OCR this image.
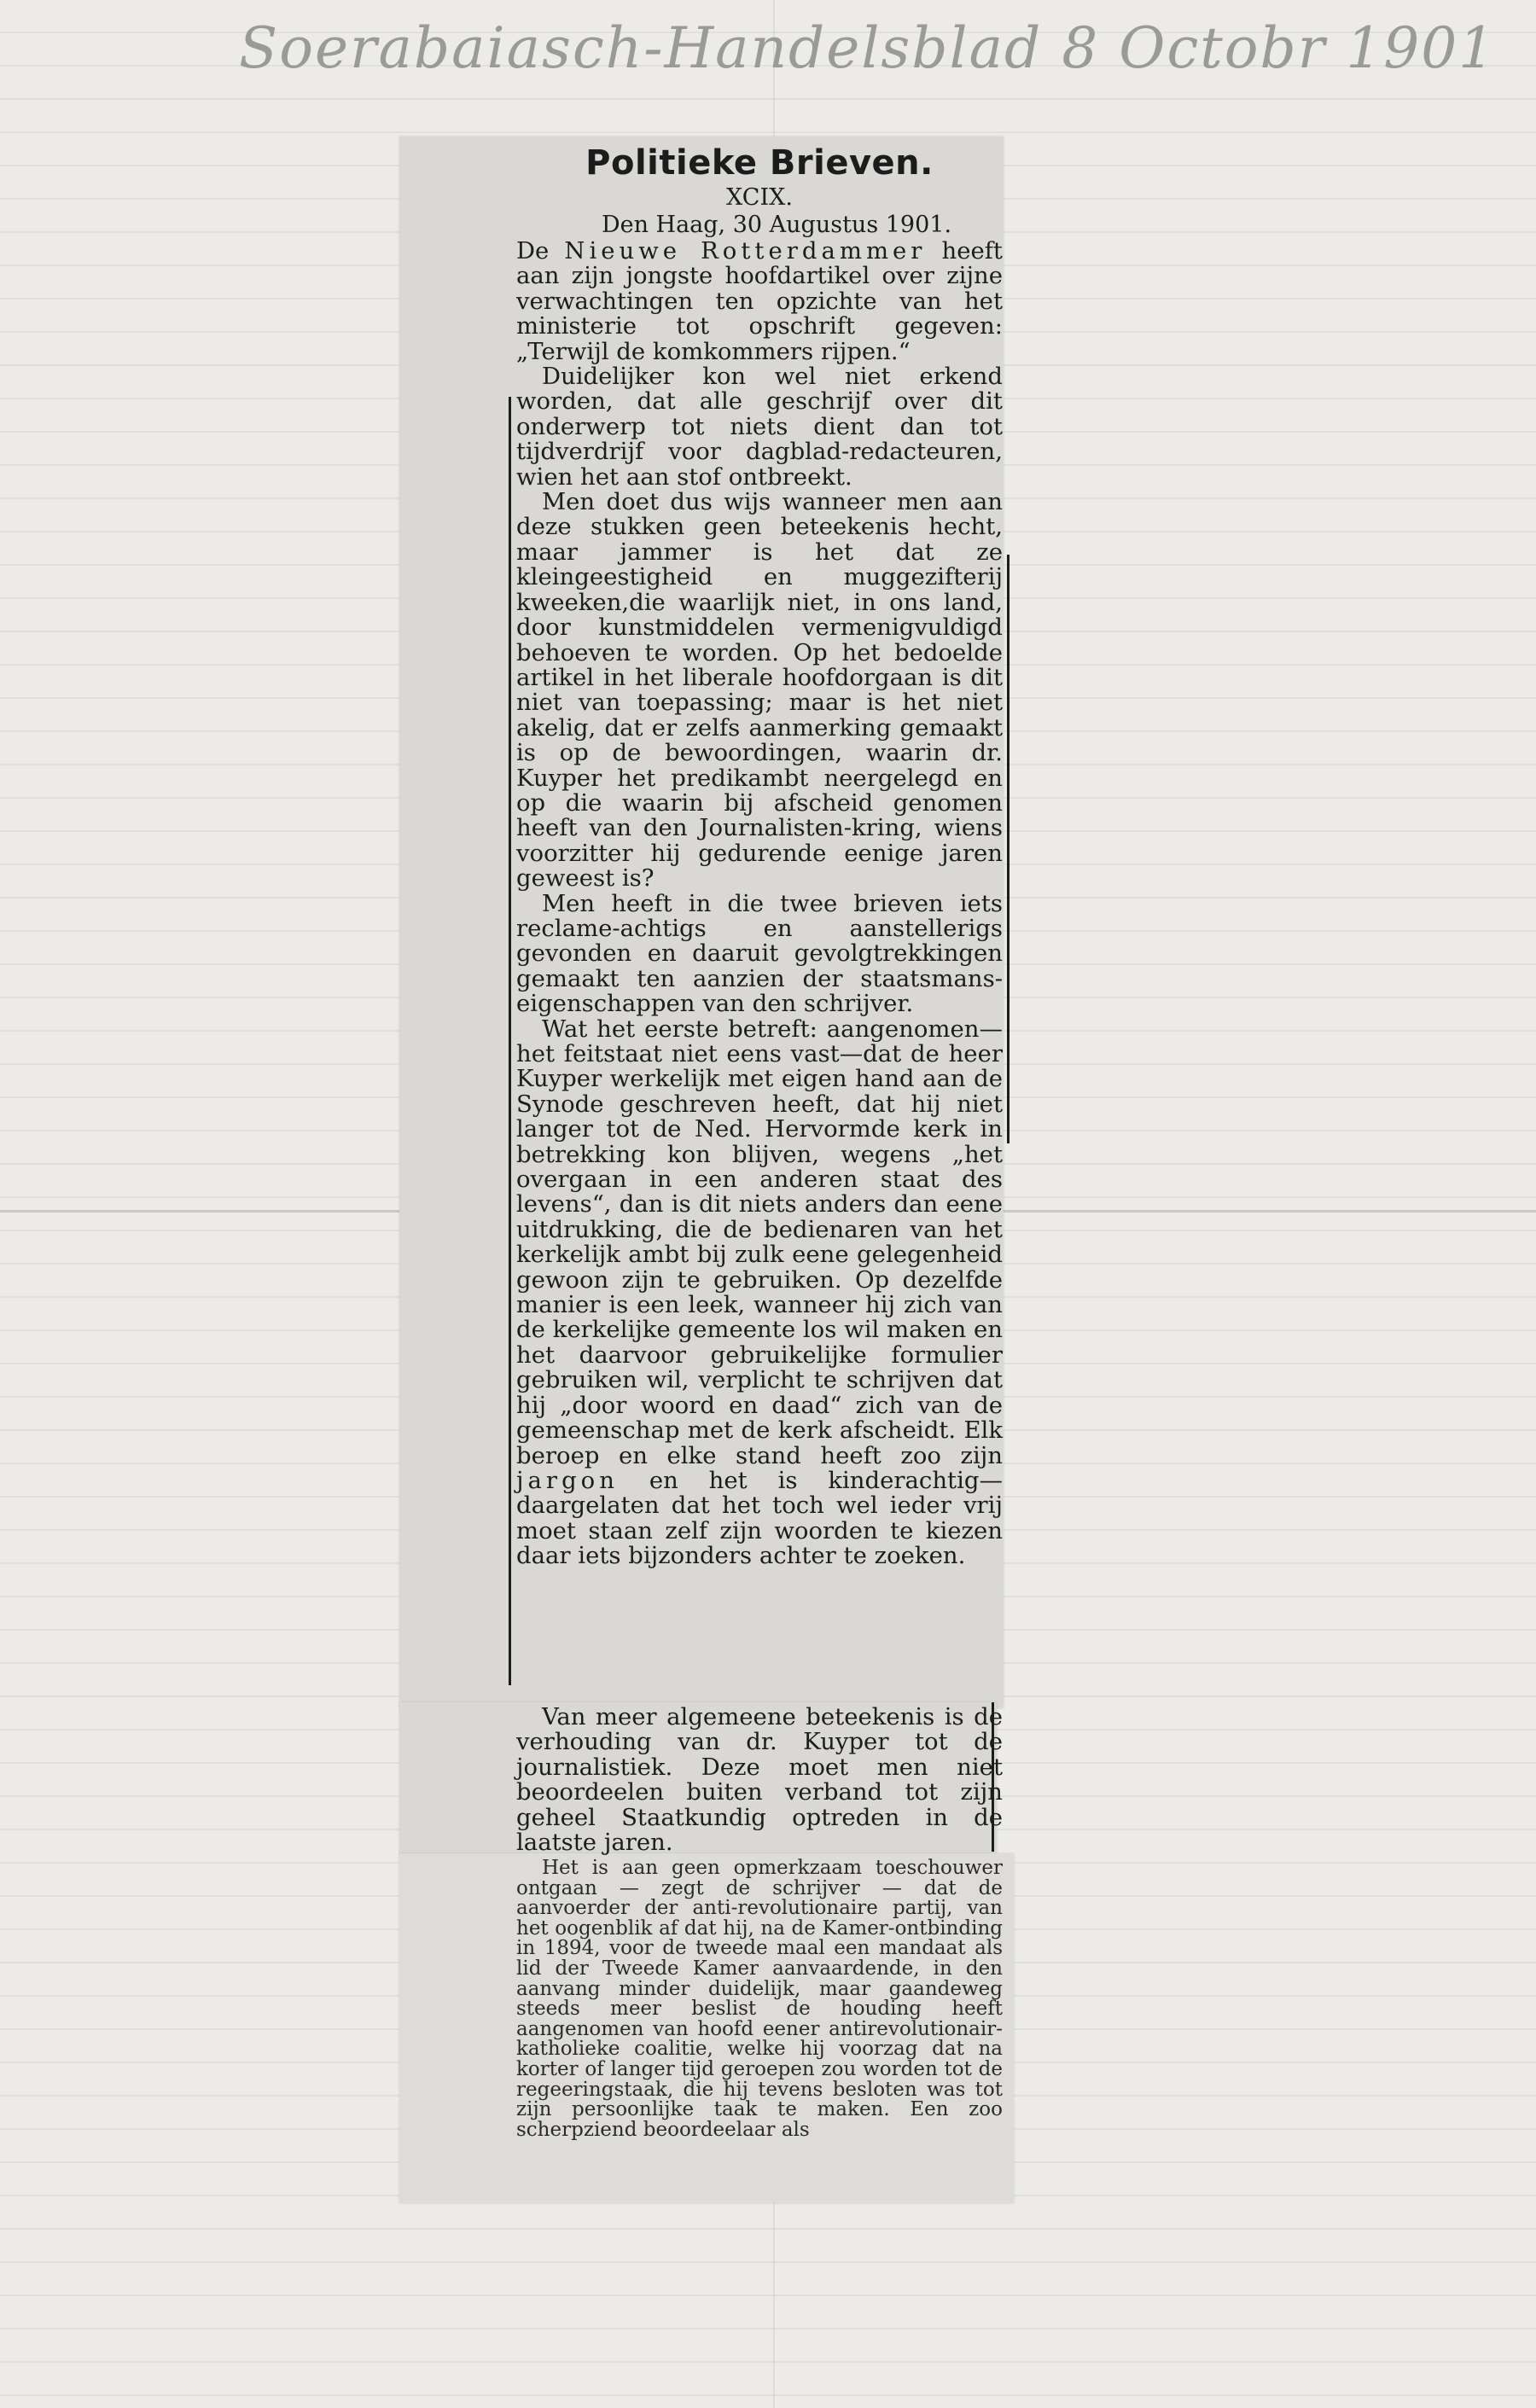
Soerabaiasch-Handelsblad 8 Octobr 1901
Politieke Brieven.

XCIX.

Den Haag, 30 Augustus 1901.

De Nieuwe Rotterdammer heeft aan zijn jongste hoofdartikel over zijne verwachtingen ten opzichte van het ministerie tot opschrift gegeven: „Terwijl de komkommers rijpen.“

Duidelijker kon wel niet erkend worden, dat alle geschrijf over dit onderwerp tot niets dient dan tot tijdverdrijf voor dagblad-redacteuren, wien het aan stof ontbreekt.

Men doet dus wijs wanneer men aan deze stukken geen beteekenis hecht, maar jammer is het dat ze kleingeestigheid en muggezifterij kweeken,die waarlijk niet, in ons land, door kunstmiddelen vermenigvuldigd behoeven te worden. Op het bedoelde artikel in het liberale hoofdorgaan is dit niet van toepassing; maar is het niet akelig, dat er zelfs aanmerking gemaakt is op de bewoordingen, waarin dr. Kuyper het predikambt neergelegd en op die waarin bij afscheid genomen heeft van den Journalisten-kring, wiens voorzitter hij gedurende eenige jaren geweest is?

Men heeft in die twee brieven iets reclame-achtigs en aanstellerigs gevonden en daaruit gevolgtrekkingen gemaakt ten aanzien der staatsmans-eigenschappen van den schrijver.

Wat het eerste betreft: aangenomen—het feitstaat niet eens vast—dat de heer Kuyper werkelijk met eigen hand aan de Synode geschreven heeft, dat hij niet langer tot de Ned. Hervormde kerk in betrekking kon blijven, wegens „het overgaan in een anderen staat des levens“, dan is dit niets anders dan eene uitdrukking, die de bedienaren van het kerkelijk ambt bij zulk eene gelegenheid gewoon zijn te gebruiken. Op dezelfde manier is een leek, wanneer hij zich van de kerkelijke gemeente los wil maken en het daarvoor gebruikelijke formulier gebruiken wil, verplicht te schrijven dat hij „door woord en daad“ zich van de gemeenschap met de kerk afscheidt. Elk beroep en elke stand heeft zoo zijn jargon en het is kinderachtig—daargelaten dat het toch wel ieder vrij moet staan zelf zijn woorden te kiezen daar iets bijzonders achter te zoeken.

Van meer algemeene beteekenis is de verhouding van dr. Kuyper tot de journalistiek. Deze moet men niet beoordeelen buiten verband tot zijn geheel Staatkundig optreden in de laatste jaren.

Het is aan geen opmerkzaam toeschouwer ontgaan — zegt de schrijver — dat de aanvoerder der anti-revolutionaire partij, van het oogenblik af dat hij, na de Kamer-ontbinding in 1894, voor de tweede maal een mandaat als lid der Tweede Kamer aanvaardende, in den aanvang minder duidelijk, maar gaandeweg steeds meer beslist de houding heeft aangenomen van hoofd eener antirevolutionair-katholieke coalitie, welke hij voorzag dat na korter of langer tijd geroepen zou worden tot de regeeringstaak, die hij tevens besloten was tot zijn persoonlijke taak te maken. Een zoo scherpziend beoordeelaar als
